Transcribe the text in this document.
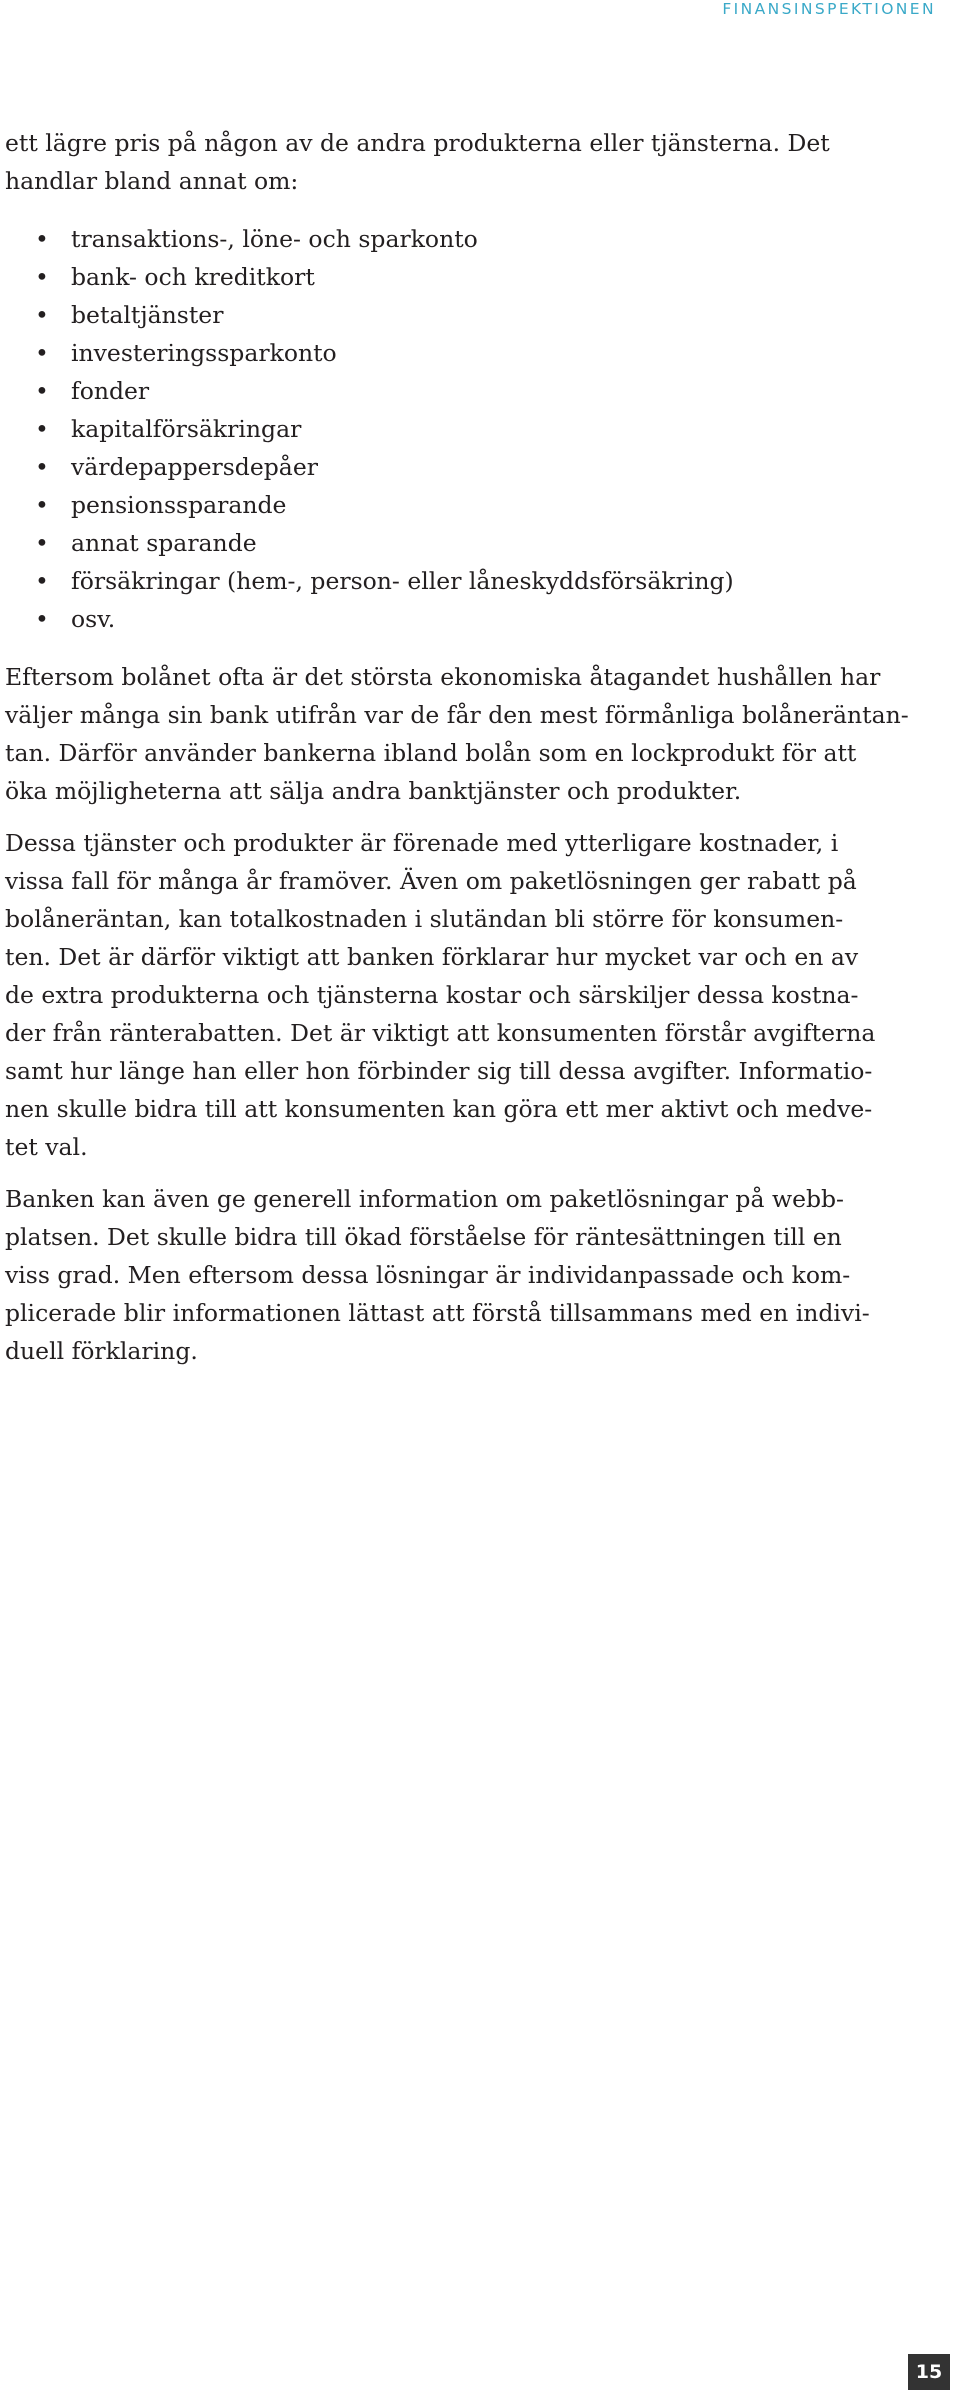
FINANSINSPEKTIONEN

ett lägre pris på någon av de andra produkterna eller tjänsterna. Det
handlar bland annat om:

• transaktions-, löne- och sparkonto
• bank- och kreditkort
• betaltjänster
• investeringssparkonto
• fonder
• kapitalförsäkringar
• värdepappersdepåer
• pensionssparande
• annat sparande
• försäkringar (hem-, person- eller låneskyddsförsäkring)
• osv.

Eftersom bolånet ofta är det största ekonomiska åtagandet hushållen har
väljer många sin bank utifrån var de får den mest förmånliga bolåneräntan-
tan. Därför använder bankerna ibland bolån som en lockprodukt för att
öka möjligheterna att sälja andra banktjänster och produkter.

Dessa tjänster och produkter är förenade med ytterligare kostnader, i
vissa fall för många år framöver. Även om paketlösningen ger rabatt på
bolåneräntan, kan totalkostnaden i slutändan bli större för konsumen-
ten. Det är därför viktigt att banken förklarar hur mycket var och en av
de extra produkterna och tjänsterna kostar och särskiljer dessa kostna-
der från ränterabatten. Det är viktigt att konsumenten förstår avgifterna
samt hur länge han eller hon förbinder sig till dessa avgifter. Informatio-
nen skulle bidra till att konsumenten kan göra ett mer aktivt och medve-
tet val.

Banken kan även ge generell information om paketlösningar på webb-
platsen. Det skulle bidra till ökad förståelse för räntesättningen till en
viss grad. Men eftersom dessa lösningar är individanpassade och kom-
plicerade blir informationen lättast att förstå tillsammans med en indivi-
duell förklaring.

15
